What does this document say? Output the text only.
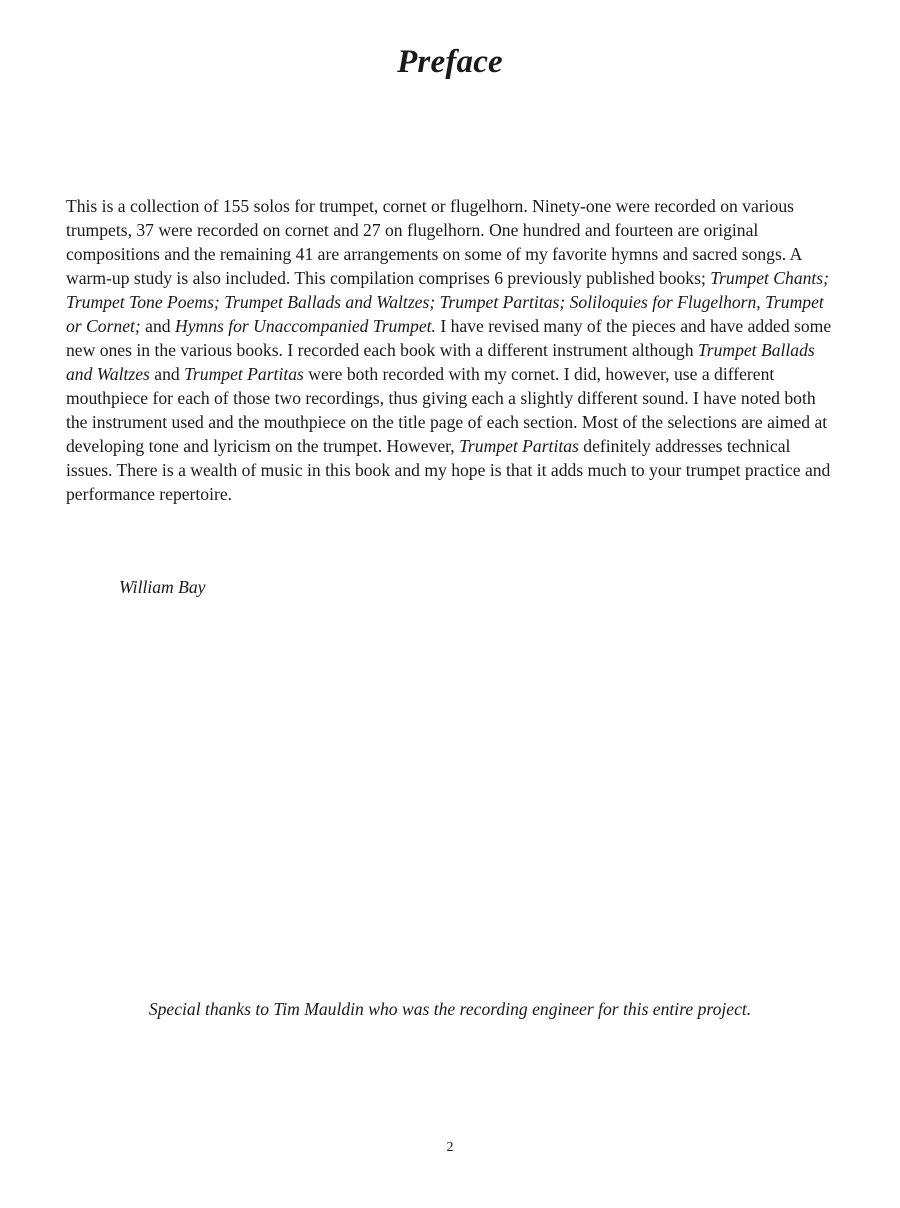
Preface
This is a collection of 155 solos for trumpet, cornet or flugelhorn. Ninety-one were recorded on various trumpets, 37 were recorded on cornet and 27 on flugelhorn. One hundred and fourteen are original compositions and the remaining 41 are arrangements on some of my favorite hymns and sacred songs. A warm-up study is also included. This compilation comprises 6 previously published books; Trumpet Chants; Trumpet Tone Poems; Trumpet Ballads and Waltzes; Trumpet Partitas; Soliloquies for Flugelhorn, Trumpet or Cornet; and Hymns for Unaccompanied Trumpet. I have revised many of the pieces and have added some new ones in the various books. I recorded each book with a different instrument although Trumpet Ballads and Waltzes and Trumpet Partitas were both recorded with my cornet. I did, however, use a different mouthpiece for each of those two recordings, thus giving each a slightly different sound. I have noted both the instrument used and the mouthpiece on the title page of each section. Most of the selections are aimed at developing tone and lyricism on the trumpet. However, Trumpet Partitas definitely addresses technical issues. There is a wealth of music in this book and my hope is that it adds much to your trumpet practice and performance repertoire.
William Bay
Special thanks to Tim Mauldin who was the recording engineer for this entire project.
2
